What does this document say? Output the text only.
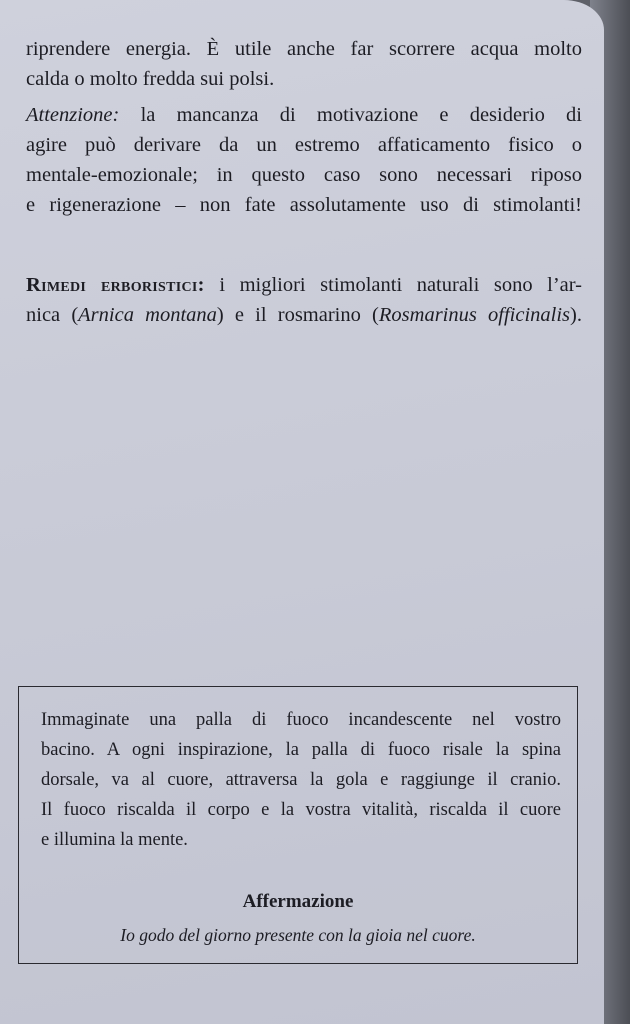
riprendere energia. È utile anche far scorrere acqua molto
calda o molto fredda sui polsi.
Attenzione: la mancanza di motivazione e desiderio di
agire può derivare da un estremo affaticamento fisico o
mentale-emozionale; in questo caso sono necessari riposo
e rigenerazione – non fate assolutamente uso di stimolanti!
Rimedi erboristici: i migliori stimolanti naturali sono l’ar-
nica (Arnica montana) e il rosmarino (Rosmarinus officinalis).
Immaginate una palla di fuoco incandescente nel vostro
bacino. A ogni inspirazione, la palla di fuoco risale la spina
dorsale, va al cuore, attraversa la gola e raggiunge il cranio.
Il fuoco riscalda il corpo e la vostra vitalità, riscalda il cuore
e illumina la mente.
Affermazione
Io godo del giorno presente con la gioia nel cuore.
